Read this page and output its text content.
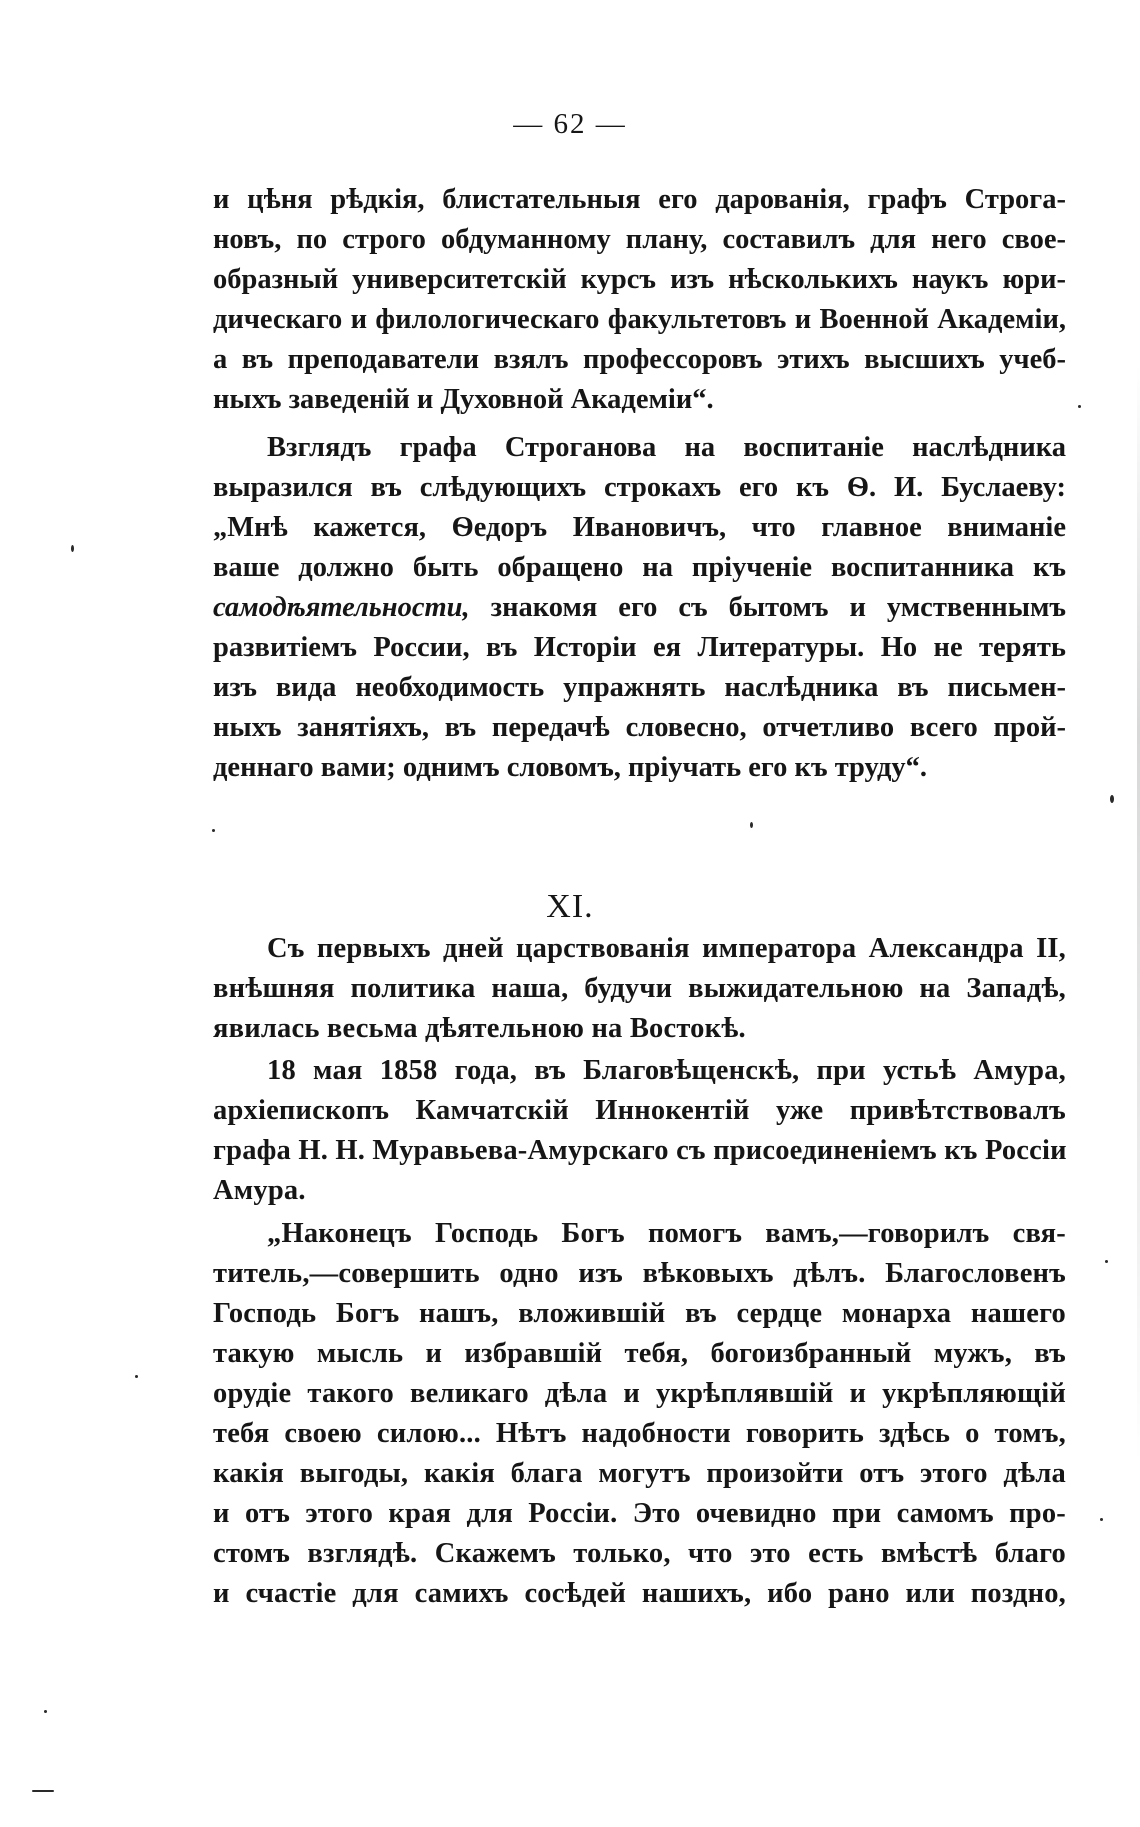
— 62 —
и цѣня рѣдкія, блистательныя его дарованія, графъ Строга-
новъ, по строго обдуманному плану, составилъ для него свое-
образный университетскій курсъ изъ нѣсколькихъ наукъ юри-
дическаго и филологическаго факультетовъ и Военной Академіи,
а въ преподаватели взялъ профессоровъ этихъ высшихъ учеб-
ныхъ заведеній и Духовной Академіи“.
Взглядъ графа Строганова на воспитаніе наслѣдника
выразился въ слѣдующихъ строкахъ его къ Ѳ. И. Буслаеву:
„Мнѣ кажется, Ѳедоръ Ивановичъ, что главное вниманіе
ваше должно быть обращено на пріученіе воспитанника къ
самодѣятельности, знакомя его съ бытомъ и умственнымъ
развитіемъ России, въ Исторіи ея Литературы. Но не терять
изъ вида необходимость упражнять наслѣдника въ письмен-
ныхъ занятіяхъ, въ передачѣ словесно, отчетливо всего прой-
деннаго вами; однимъ словомъ, пріучать его къ труду“.
XI.
Съ первыхъ дней царствованія императора Александра II,
внѣшняя политика наша, будучи выжидательною на Западѣ,
явилась весьма дѣятельною на Востокѣ.
18 мая 1858 года, въ Благовѣщенскѣ, при устьѣ Амура,
архіепископъ Камчатскій Иннокентій уже привѣтствовалъ
графа Н. Н. Муравьева-Амурскаго съ присоединеніемъ къ Россіи
Амура.
„Наконецъ Господь Богъ помогъ вамъ,—говорилъ свя-
титель,—совершить одно изъ вѣковыхъ дѣлъ. Благословенъ
Господь Богъ нашъ, вложившій въ сердце монарха нашего
такую мысль и избравшій тебя, богоизбранный мужъ, въ
орудіе такого великаго дѣла и укрѣплявшій и укрѣпляющій
тебя своею силою... Нѣтъ надобности говорить здѣсь о томъ,
какія выгоды, какія блага могутъ произойти отъ этого дѣла
и отъ этого края для Россіи. Это очевидно при самомъ про-
стомъ взглядѣ. Скажемъ только, что это есть вмѣстѣ благо
и счастіе для самихъ сосѣдей нашихъ, ибо рано или поздно,
